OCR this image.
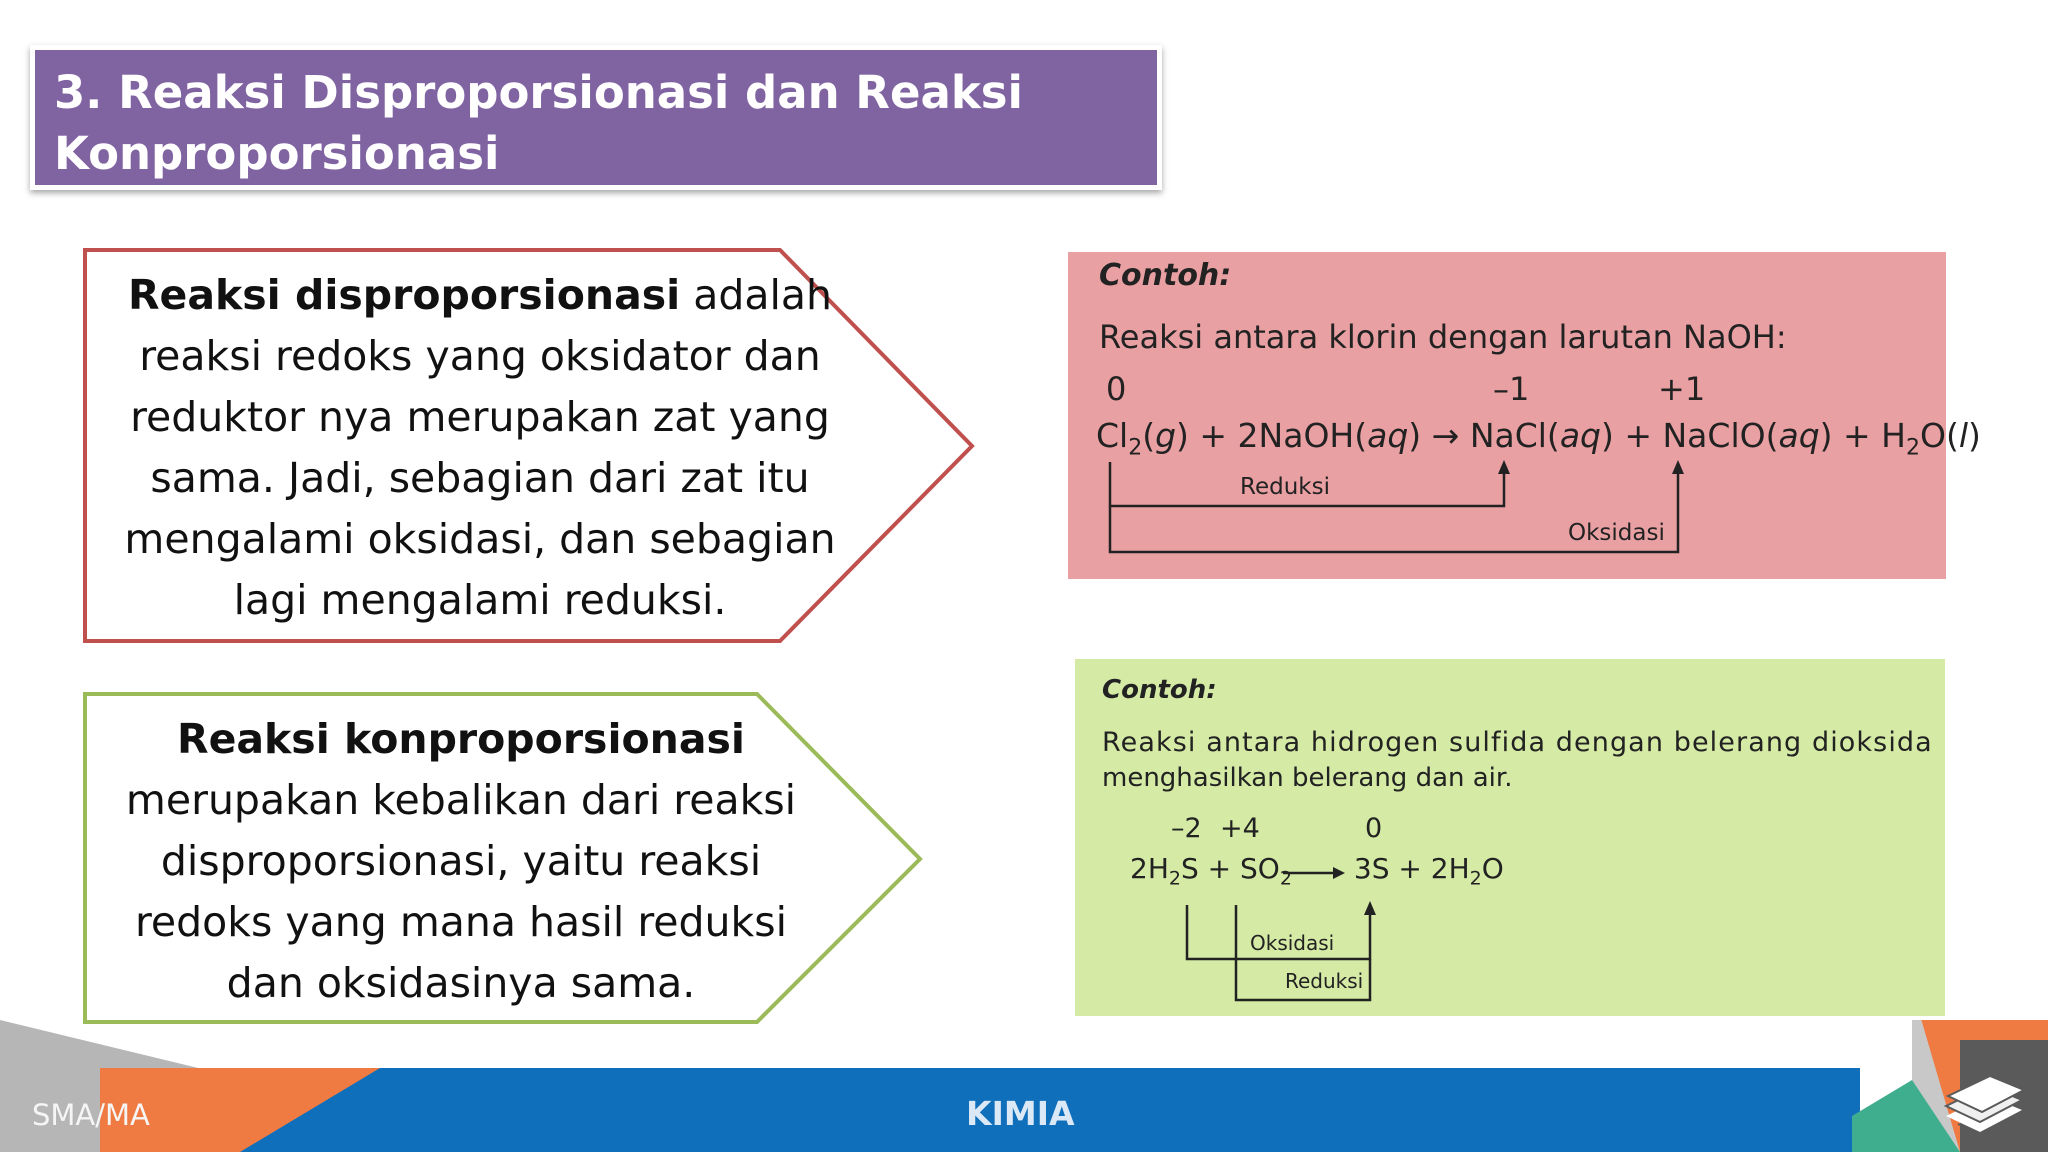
3. Reaksi Disproporsionasi dan Reaksi
Konproporsionasi
Reaksi disproporsionasi adalah
reaksi redoks yang oksidator dan
reduktor nya merupakan zat yang
sama. Jadi, sebagian dari zat itu
mengalami oksidasi, dan sebagian
lagi mengalami reduksi.
Reaksi konproporsionasi
merupakan kebalikan dari reaksi
disproporsionasi, yaitu reaksi
redoks yang mana hasil reduksi
dan oksidasinya sama.
Contoh:
Reaksi antara klorin dengan larutan NaOH:
0	–1	+1
$Cl_2(g)$ + 2NaOH(aq) → NaCl(aq) + NaClO(aq) + $H_2O(l)$
Reduksi
Oksidasi
Contoh:
Reaksi antara hidrogen sulfida dengan belerang dioksida
menghasilkan belerang dan air.
–2 +4	0
$2H_2S + SO_2$ $3S + 2H_2O$
Oksidasi
Reduksi
SMA/MA	KIMIA
